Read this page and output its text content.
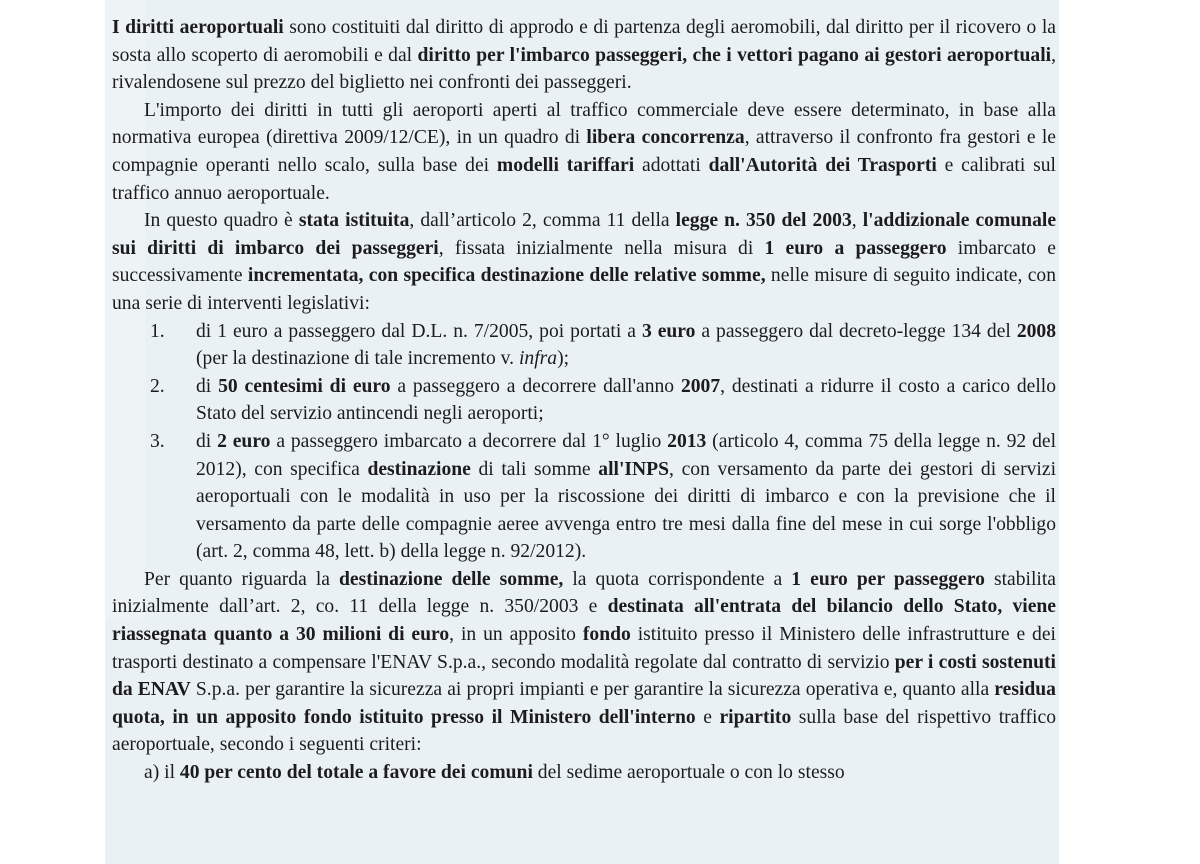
I diritti aeroportuali sono costituiti dal diritto di approdo e di partenza degli aeromobili, dal diritto per il ricovero o la sosta allo scoperto di aeromobili e dal diritto per l'imbarco passeggeri, che i vettori pagano ai gestori aeroportuali, rivalendosene sul prezzo del biglietto nei confronti dei passeggeri.

L'importo dei diritti in tutti gli aeroporti aperti al traffico commerciale deve essere determinato, in base alla normativa europea (direttiva 2009/12/CE), in un quadro di libera concorrenza, attraverso il confronto fra gestori e le compagnie operanti nello scalo, sulla base dei modelli tariffari adottati dall'Autorità dei Trasporti e calibrati sul traffico annuo aeroportuale.

In questo quadro è stata istituita, dall’articolo 2, comma 11 della legge n. 350 del 2003, l'addizionale comunale sui diritti di imbarco dei passeggeri, fissata inizialmente nella misura di 1 euro a passeggero imbarcato e successivamente incrementata, con specifica destinazione delle relative somme, nelle misure di seguito indicate, con una serie di interventi legislativi:

1.	di 1 euro a passeggero dal D.L. n. 7/2005, poi portati a 3 euro a passeggero dal decreto-legge 134 del 2008 (per la destinazione di tale incremento v. infra);
2.	di 50 centesimi di euro a passeggero a decorrere dall'anno 2007, destinati a ridurre il costo a carico dello Stato del servizio antincendi negli aeroporti;
3.	di 2 euro a passeggero imbarcato a decorrere dal 1° luglio 2013 (articolo 4, comma 75 della legge n. 92 del 2012), con specifica destinazione di tali somme all'INPS, con versamento da parte dei gestori di servizi aeroportuali con le modalità in uso per la riscossione dei diritti di imbarco e con la previsione che il versamento da parte delle compagnie aeree avvenga entro tre mesi dalla fine del mese in cui sorge l'obbligo (art. 2, comma 48, lett. b) della legge n. 92/2012).

Per quanto riguarda la destinazione delle somme, la quota corrispondente a 1 euro per passeggero stabilita inizialmente dall’art. 2, co. 11 della legge n. 350/2003 e destinata all'entrata del bilancio dello Stato, viene riassegnata quanto a 30 milioni di euro, in un apposito fondo istituito presso il Ministero delle infrastrutture e dei trasporti destinato a compensare l'ENAV S.p.a., secondo modalità regolate dal contratto di servizio per i costi sostenuti da ENAV S.p.a. per garantire la sicurezza ai propri impianti e per garantire la sicurezza operativa e, quanto alla residua quota, in un apposito fondo istituito presso il Ministero dell'interno e ripartito sulla base del rispettivo traffico aeroportuale, secondo i seguenti criteri:

a) il 40 per cento del totale a favore dei comuni del sedime aeroportuale o con lo stesso
